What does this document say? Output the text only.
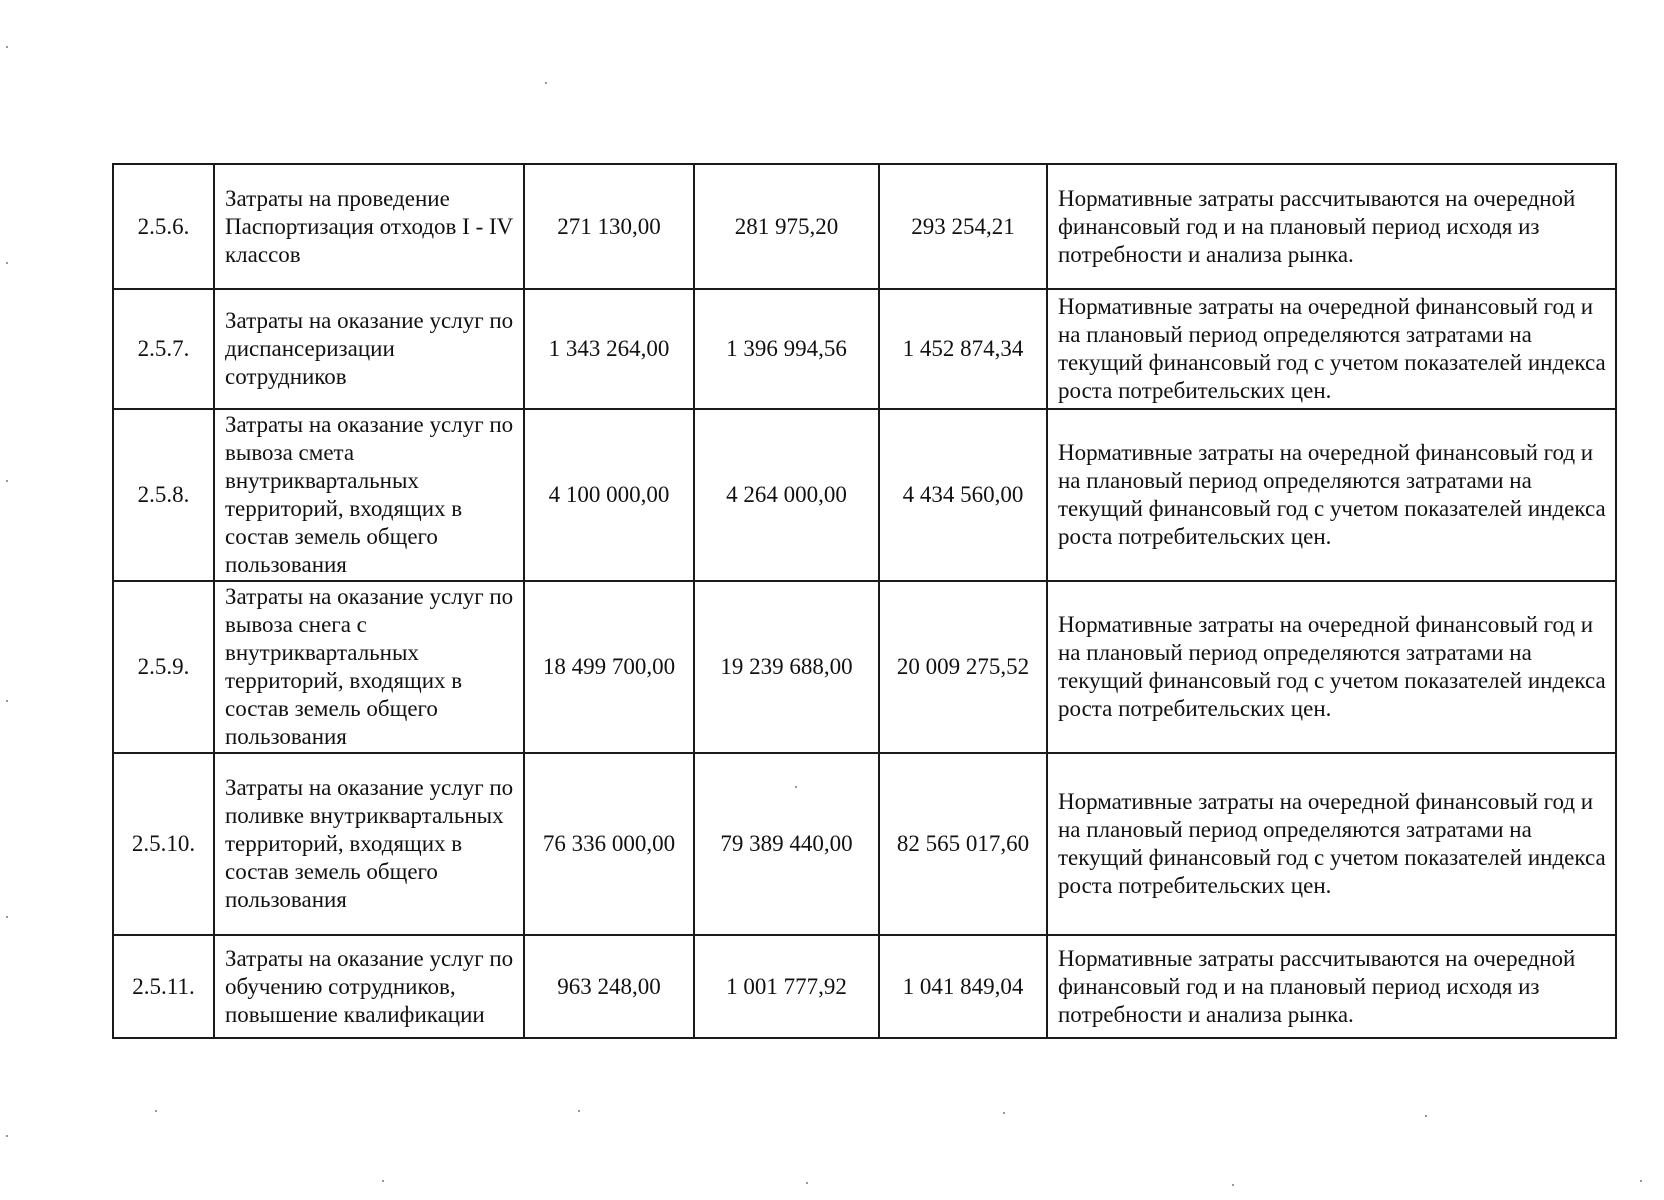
2.5.6.	Затраты на проведение Паспортизация отходов I - IV классов	271 130,00	281 975,20	293 254,21	Нормативные затраты рассчитываются на очередной финансовый год и на плановый период исходя из потребности и анализа рынка.
2.5.7.	Затраты на оказание услуг по диспансеризации сотрудников	1 343 264,00	1 396 994,56	1 452 874,34	Нормативные затраты на очередной финансовый год и на плановый период определяются затратами на текущий финансовый год с учетом показателей индекса роста потребительских цен.
2.5.8.	Затраты на оказание услуг по вывоза смета внутриквартальных территорий, входящих в состав земель общего пользования	4 100 000,00	4 264 000,00	4 434 560,00	Нормативные затраты на очередной финансовый год и на плановый период определяются затратами на текущий финансовый год с учетом показателей индекса роста потребительских цен.
2.5.9.	Затраты на оказание услуг по вывоза снега с внутриквартальных территорий, входящих в состав земель общего пользования	18 499 700,00	19 239 688,00	20 009 275,52	Нормативные затраты на очередной финансовый год и на плановый период определяются затратами на текущий финансовый год с учетом показателей индекса роста потребительских цен.
2.5.10.	Затраты на оказание услуг по поливке внутриквартальных территорий, входящих в состав земель общего пользования	76 336 000,00	79 389 440,00	82 565 017,60	Нормативные затраты на очередной финансовый год и на плановый период определяются затратами на текущий финансовый год с учетом показателей индекса роста потребительских цен.
2.5.11.	Затраты на оказание услуг по обучению сотрудников, повышение квалификации	963 248,00	1 001 777,92	1 041 849,04	Нормативные затраты рассчитываются на очередной финансовый год и на плановый период исходя из потребности и анализа рынка.
